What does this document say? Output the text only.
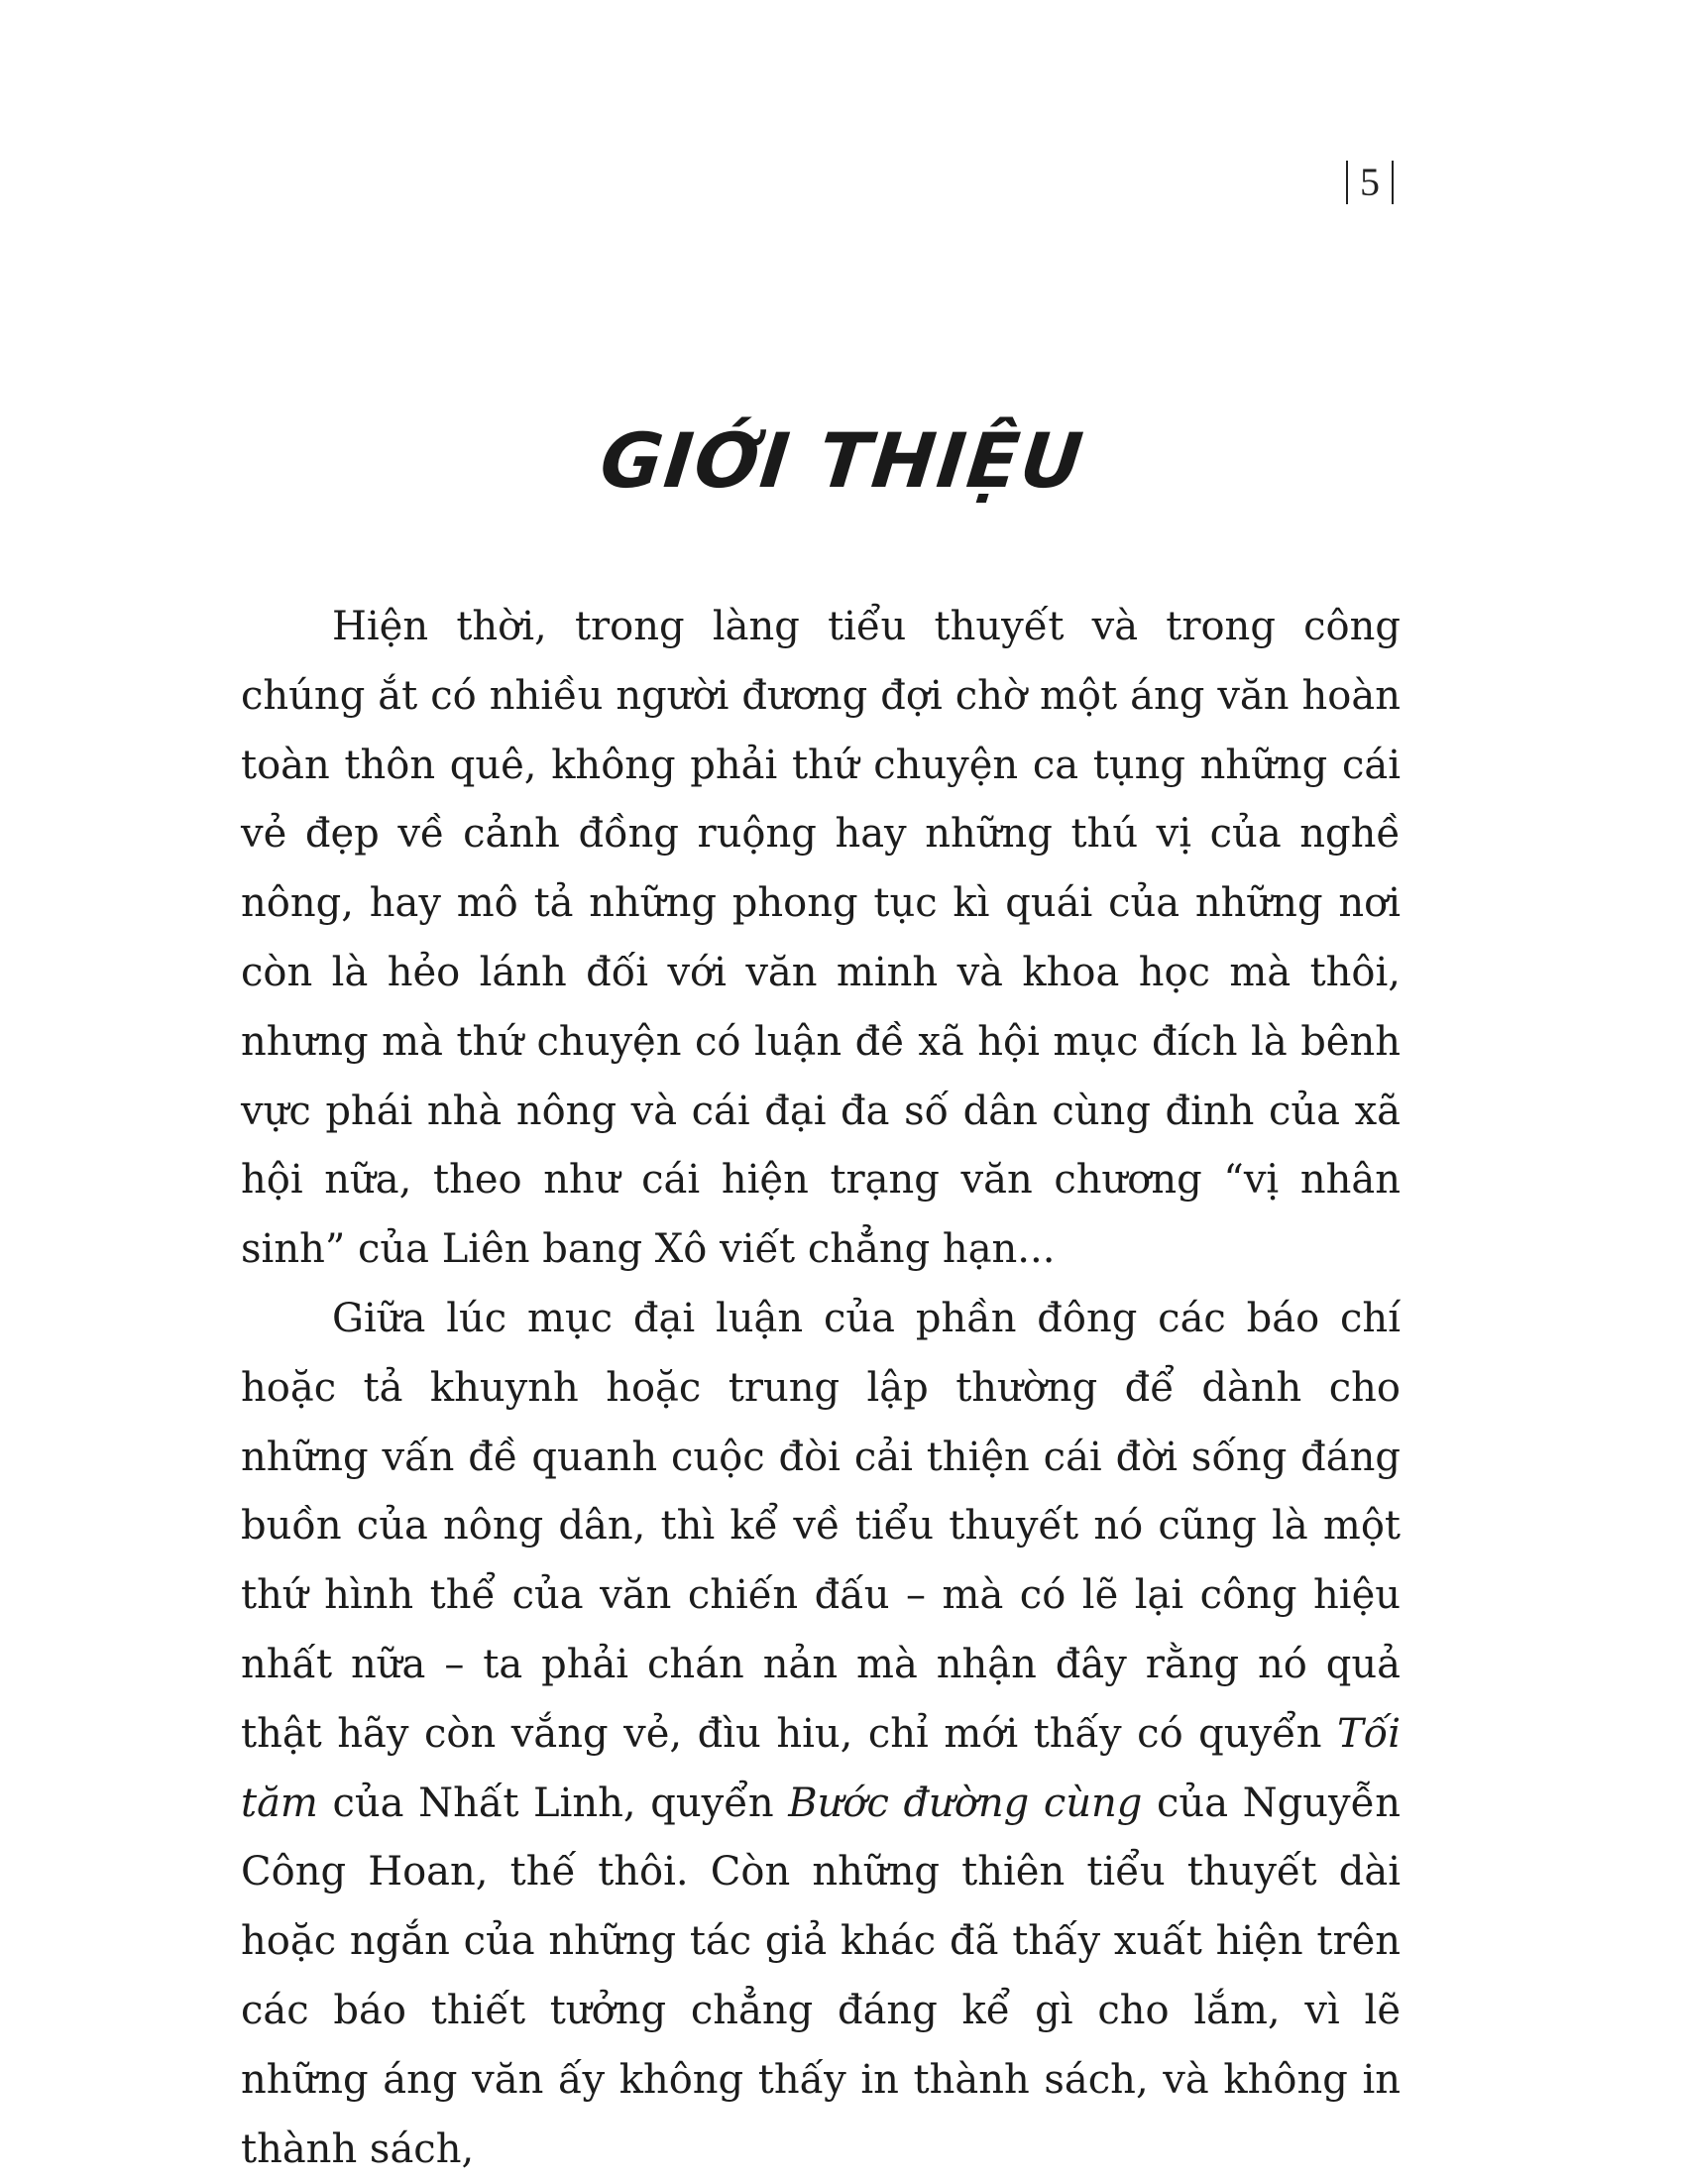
5
GIỚI THIỆU

Hiện thời, trong làng tiểu thuyết và trong công chúng ắt có nhiều người đương đợi chờ một áng văn hoàn toàn thôn quê, không phải thứ chuyện ca tụng những cái vẻ đẹp về cảnh đồng ruộng hay những thú vị của nghề nông, hay mô tả những phong tục kì quái của những nơi còn là hẻo lánh đối với văn minh và khoa học mà thôi, nhưng mà thứ chuyện có luận đề xã hội mục đích là bênh vực phái nhà nông và cái đại đa số dân cùng đinh của xã hội nữa, theo như cái hiện trạng văn chương “vị nhân sinh” của Liên bang Xô viết chẳng hạn...

Giữa lúc mục đại luận của phần đông các báo chí hoặc tả khuynh hoặc trung lập thường để dành cho những vấn đề quanh cuộc đòi cải thiện cái đời sống đáng buồn của nông dân, thì kể về tiểu thuyết nó cũng là một thứ hình thể của văn chiến đấu – mà có lẽ lại công hiệu nhất nữa – ta phải chán nản mà nhận đây rằng nó quả thật hãy còn vắng vẻ, đìu hiu, chỉ mới thấy có quyển Tối tăm của Nhất Linh, quyển Bước đường cùng của Nguyễn Công Hoan, thế thôi. Còn những thiên tiểu thuyết dài hoặc ngắn của những tác giả khác đã thấy xuất hiện trên các báo thiết tưởng chẳng đáng kể gì cho lắm, vì lẽ những áng văn ấy không thấy in thành sách, và không in thành sách,
